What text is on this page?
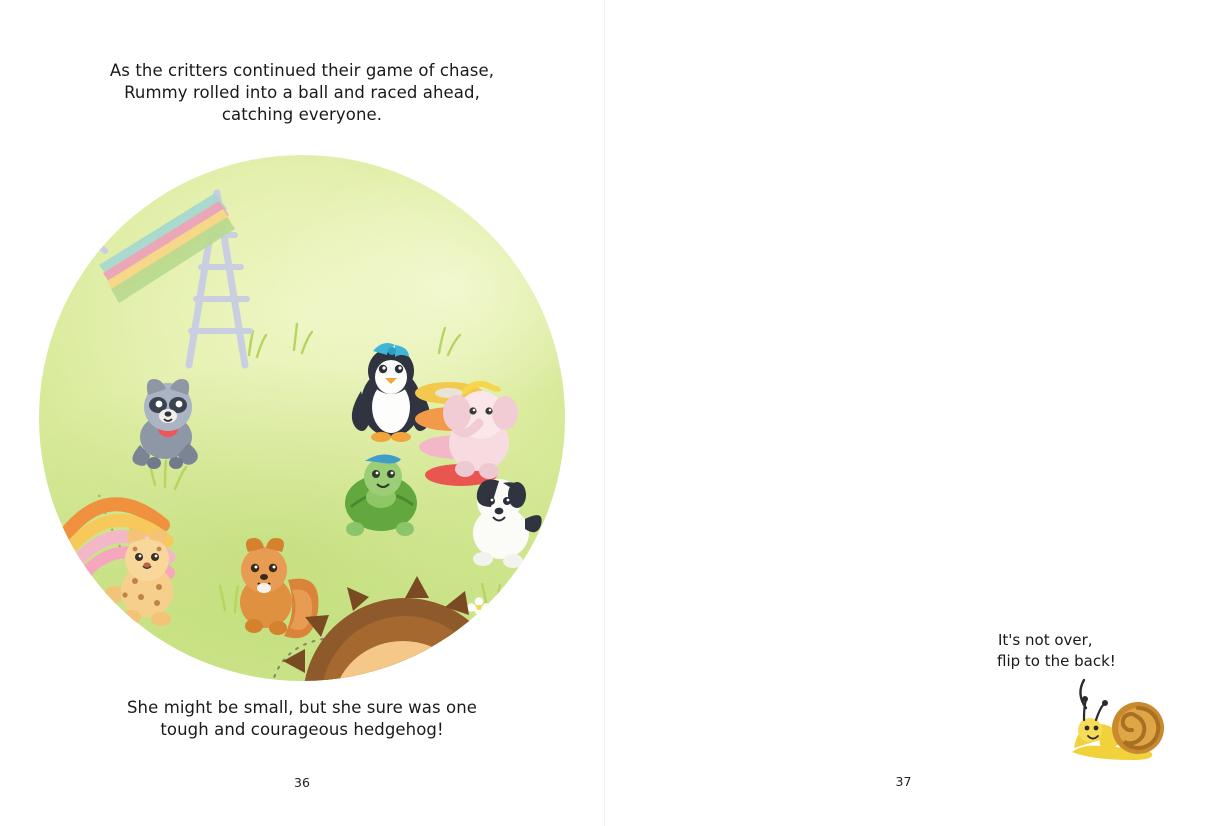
As the critters continued their game of chase,
Rummy rolled into a ball and raced ahead,
catching everyone.
She might be small, but she sure was one
tough and courageous hedgehog!
36	37
It's not over,
flip to the back!
